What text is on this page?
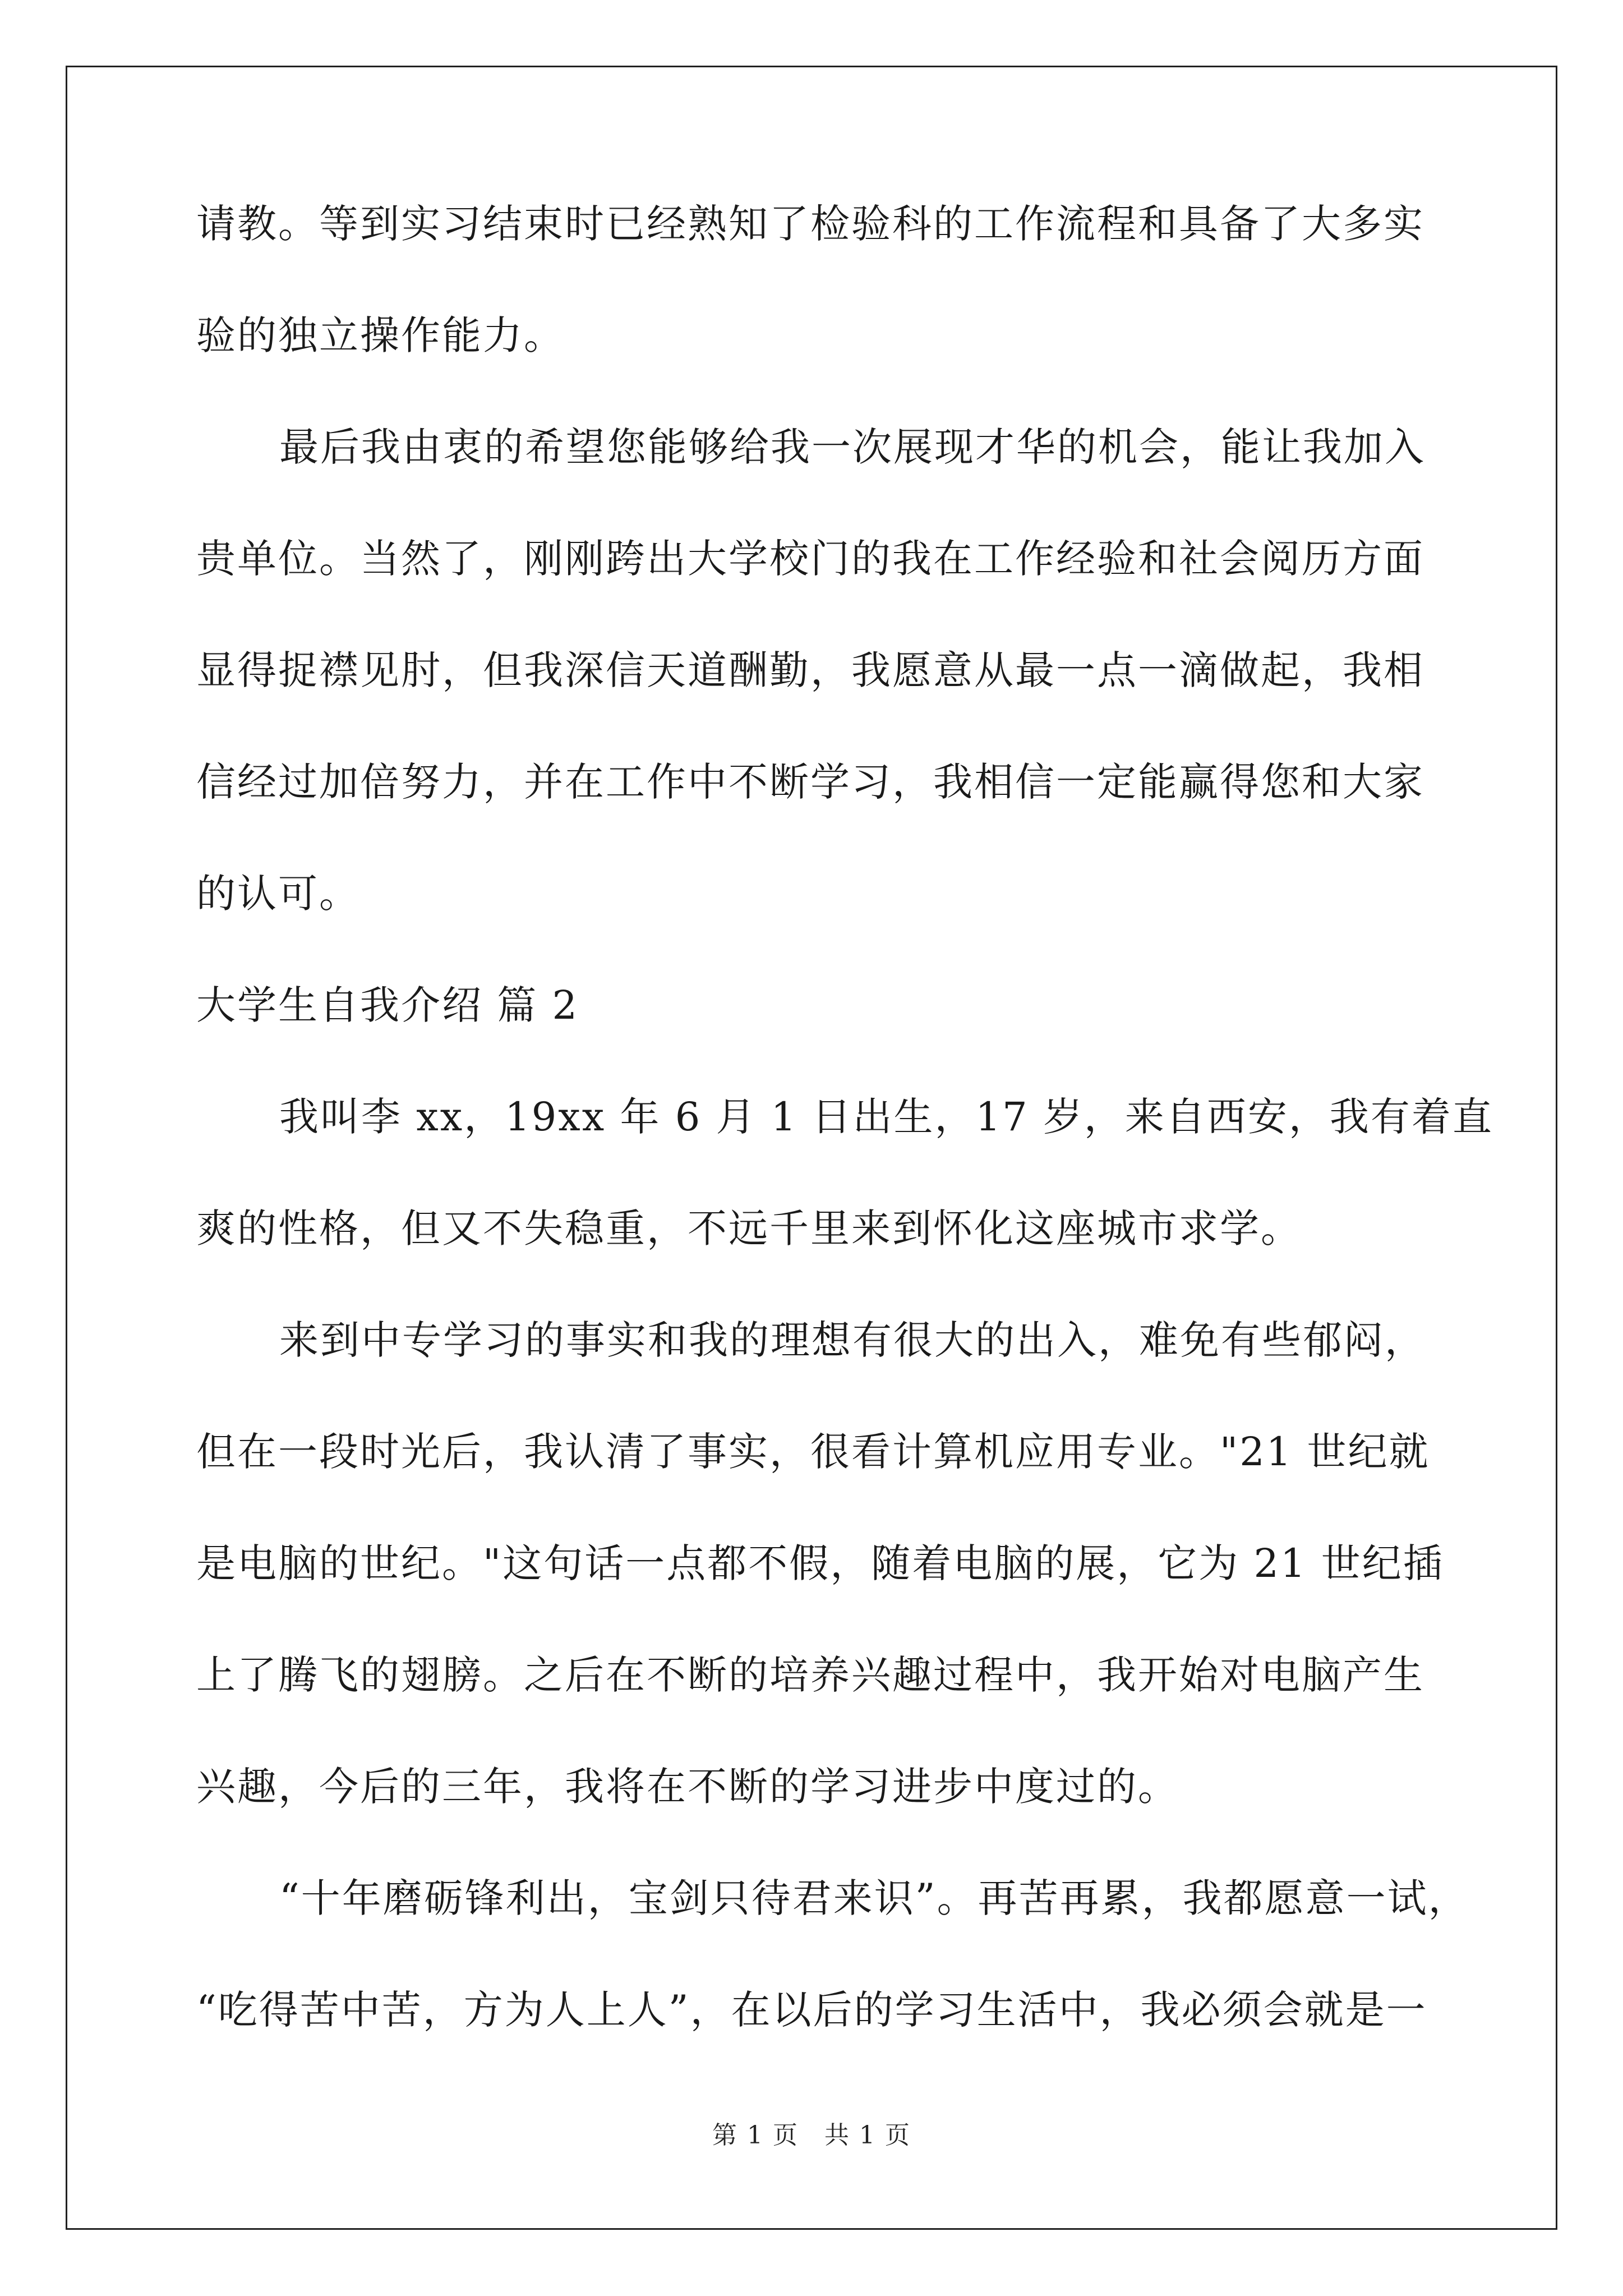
请教。等到实习结束时已经熟知了检验科的工作流程和具备了大多实
验的独立操作能力。
最后我由衷的希望您能够给我一次展现才华的机会，能让我加入
贵单位。当然了，刚刚跨出大学校门的我在工作经验和社会阅历方面
显得捉襟见肘，但我深信天道酬勤，我愿意从最一点一滴做起，我相
信经过加倍努力，并在工作中不断学习，我相信一定能赢得您和大家
的认可。
大学生自我介绍 篇 2
我叫李 xx，19xx 年 6 月 1 日出生，17 岁，来自西安，我有着直
爽的性格，但又不失稳重，不远千里来到怀化这座城市求学。
来到中专学习的事实和我的理想有很大的出入，难免有些郁闷，
但在一段时光后，我认清了事实，很看计算机应用专业。"21 世纪就
是电脑的世纪。"这句话一点都不假，随着电脑的展，它为 21 世纪插
上了腾飞的翅膀。之后在不断的培养兴趣过程中，我开始对电脑产生
兴趣，今后的三年，我将在不断的学习进步中度过的。
“十年磨砺锋利出，宝剑只待君来识”。再苦再累，我都愿意一试，
“吃得苦中苦，方为人上人”，在以后的学习生活中，我必须会就是一
第 1 页　共 1 页
